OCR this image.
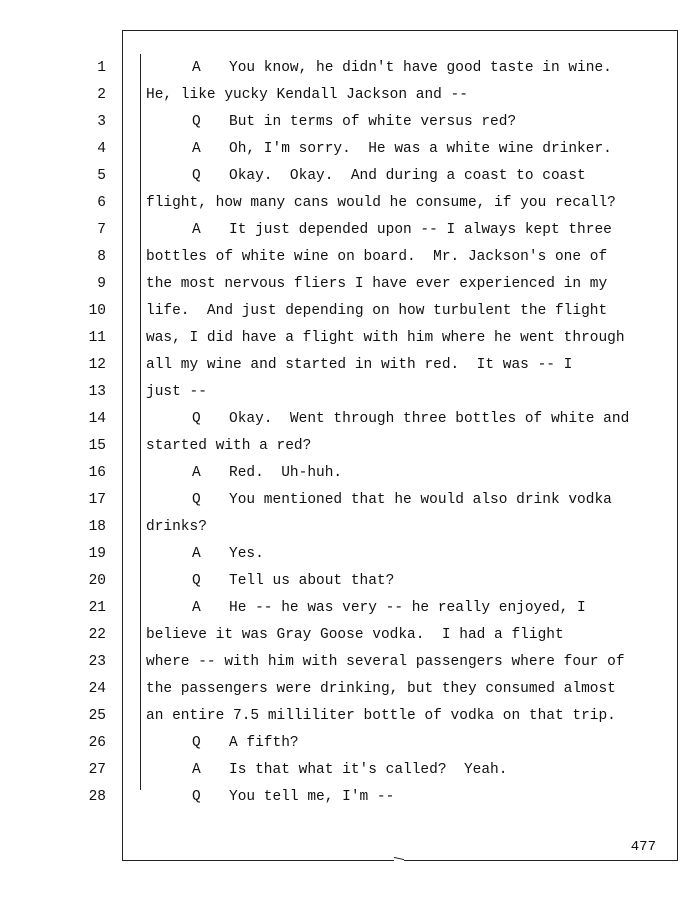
1	A You know, he didn't have good taste in wine.
2	He, like yucky Kendall Jackson and --
3	Q But in terms of white versus red?
4	A Oh, I'm sorry.  He was a white wine drinker.
5	Q Okay.  Okay.  And during a coast to coast
6	flight, how many cans would he consume, if you recall?
7	A It just depended upon -- I always kept three
8	bottles of white wine on board.  Mr. Jackson's one of
9	the most nervous fliers I have ever experienced in my
10	life.  And just depending on how turbulent the flight
11	was, I did have a flight with him where he went through
12	all my wine and started in with red.  It was -- I
13	just --
14	Q Okay.  Went through three bottles of white and
15	started with a red?
16	A Red.  Uh-huh.
17	Q You mentioned that he would also drink vodka
18	drinks?
19	A Yes.
20	Q Tell us about that?
21	A He -- he was very -- he really enjoyed, I
22	believe it was Gray Goose vodka.  I had a flight
23	where -- with him with several passengers where four of
24	the passengers were drinking, but they consumed almost
25	an entire 7.5 milliliter bottle of vodka on that trip.
26	Q A fifth?
27	A Is that what it's called?  Yeah.
28	Q You tell me, I'm --
477
